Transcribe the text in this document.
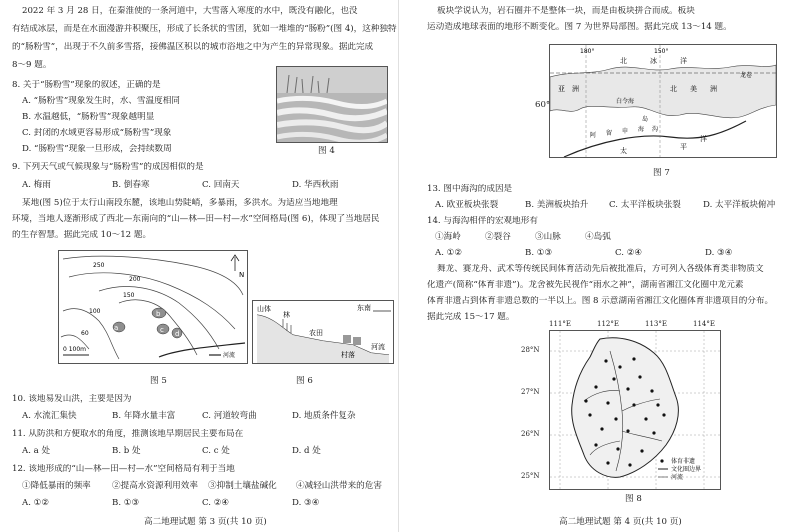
2022 年 3 月 28 日，在秦淮使的一条河道中，大雪落入寒度的水中，既没有融化，也没
有结成冰层，而是在水面漫游并积聚压，形成了长条状的雪团，犹如一堆堆的“肠粉”(图 4)，这种独特
的“肠粉雪”，出现于不久前多雪搭，接佛温区积以的城市浴地之中为产生的异常现象。据此完成
8～9 题。
8. 关于“肠粉雪”现象的叙述，正确的是
A. “肠粉雪”现象发生时，水、雪温度相同
B. 水温越低，“肠粉雪”现象越明显
C. 封闭的水域更容易形成“肠粉雪”现象
D. “肠粉雪”现象一旦形成，会持续数周	图 4
9. 下列天气或气候现象与“肠粉雪”的成因相似的是
A. 梅雨	B. 倒春寒	C. 回南天	D. 华西秋雨
某地(图 5)位于太行山南段东麓，该地山势陡峭，多暴雨，多洪水。为适应当地地理
环境，当地人逐渐形成了西北—东南向的“山—林—田—村—水”空间格局(图 6)，体现了当地居民
的生存智慧。据此完成 10～12 题。
N
250
200
150
100
60
a
b
c d
0 100m
河流
图 5
山体
林
农田
村落
河流
东南
图 6
10. 该地易发山洪，主要是因为
A. 水流汇集快	B. 年降水量丰富	C. 河道较弯曲	D. 地质条件复杂
11. 从防洪和方便取水的角度，推测该地早期居民主要布局在
A. a 处	B. b 处	C. c 处	D. d 处
12. 该地形成的“山—林—田—村—水”空间格局有利于当地
①降低暴雨的频率 ②提高水资源利用效率 ③抑制土壤盐碱化 ④减轻山洪带来的危害
A. ①②	B. ①③	C. ②④	D. ③④
高二地理试题 第 3 页(共 10 页)
板块学说认为，岩石圈并不是整体一块，而是由板块拼合而成。板块
运动造成地球表面的地形不断变化。图 7 为世界局部图。据此完成 13～14 题。
180°	150°
北	冰	洋
亚 洲	北 美 洲
太	平
洋
阿 留 申 海 沟
白令海
岛
龙卷
60°
图 7
13. 图中海沟的成因是
A. 欧亚板块张裂	B. 美洲板块抬升 C. 太平洋板块张裂	D. 太平洋板块俯冲
14. 与海沟相伴的宏观地形有
①海岭	②裂谷	③山脉	④岛弧
A. ①②	B. ①③	C. ②④	D. ③④
舞龙、赛龙舟、武术等传统民间体育活动先后被批准后，方可列入各级体育类非物质文
化遗产(简称“体育非遗”)。龙舍被先民视作“雨水之神”，湖南省湘江文化圈中龙元素
体育非遗占到体育非遗总数的一半以上。图 8 示意湖南省湘江文化圈体育非遗项目的分布。
据此完成 15～17 题。
体育非遗
文化圈边界
河流
111°E	112°E	113°E	114°E
28°N
27°N
26°N
25°N
图 8
高二地理试题 第 4 页(共 10 页)
